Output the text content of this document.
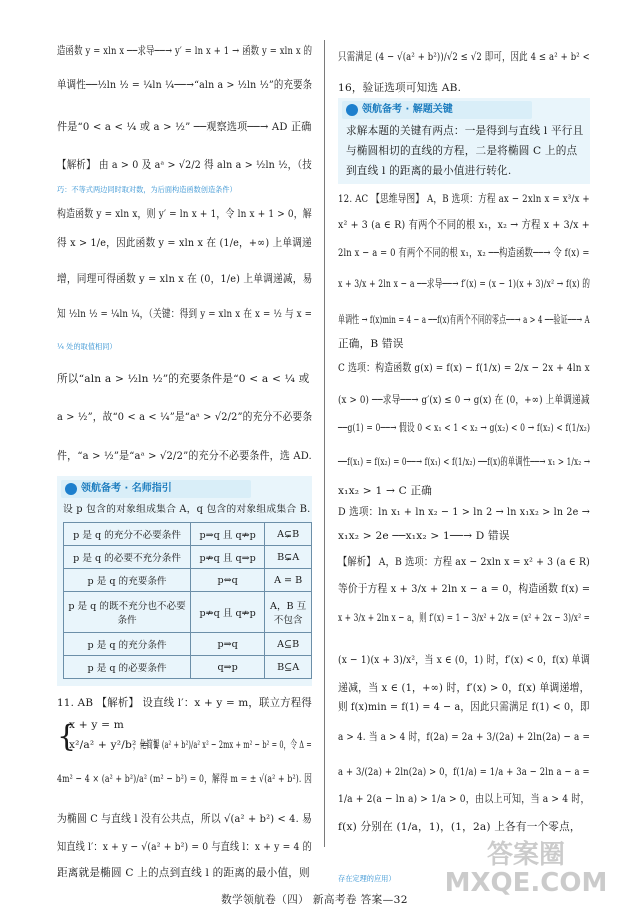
造函数 y = xln x ──求导──→ y′ = ln x + 1 → 函数 y = xln x 的
单调性──½ln ½ = ¼ln ¼──→“aln a > ½ln ½”的充要条
件是“0 < a < ¼ 或 a > ½” ──观察选项──→ AD 正确
【解析】 由 a > 0 及 aᵃ > √2/2 得 aln a > ½ln ½，（技
巧：不等式两边同时取对数，为后面构造函数创造条件）
构造函数 y = xln x，则 y′ = ln x + 1，令 ln x + 1 > 0，解
得 x > 1/e，因此函数 y = xln x 在 (1/e，+∞) 上单调递
增，同理可得函数 y = xln x 在 (0，1/e) 上单调递减，易
知 ½ln ½ = ¼ln ¼，（关键：得到 y = xln x 在 x = ½ 与 x =
¼ 处的取值相同）
所以“aln a > ½ln ½”的充要条件是“0 < a < ¼ 或
a > ½”，故“0 < a < ¼”是“aᵃ > √2/2”的充分不必要条
件，“a > ½”是“aᵃ > √2/2”的充分不必要条件，选 AD.
领航备考 · 名师指引
设 p 包含的对象组成集合 A，q 包含的对象组成集合 B.
p 是 q 的充分不必要条件	p⇒q 且 q⇏p	A⊊B
p 是 q 的必要不充分条件	p⇏q 且 q⇒p	B⊊A
p 是 q 的充要条件	p⇔q	A = B
p 是 q 的既不充分也不必要条件	p⇏q 且 q⇏p	A，B 互不包含
p 是 q 的充分条件	p⇒q	A⊆B
p 是 q 的必要条件	q⇒p	B⊆A
11. AB 【解析】 设直线 l′：x + y = m，联立方程得
{
x + y = m
x²/a² + y²/b² = 1
，化简得 (a² + b²)/a² x² − 2mx + m² − b² = 0，令 Δ =
4m² − 4 × (a² + b²)/a² (m² − b²) = 0，解得 m = ± √(a² + b²). 因
为椭圆 C 与直线 l 没有公共点，所以 √(a² + b²) < 4. 易
知直线 l′：x + y − √(a² + b²) = 0 与直线 l：x + y = 4 的
距离就是椭圆 C 上的点到直线 l 的距离的最小值，则
只需满足 (4 − √(a² + b²))/√2 ≤ √2 即可，因此 4 ≤ a² + b² <
16，验证选项可知选 AB.
领航备考 · 解题关键
求解本题的关键有两点：一是得到与直线 l 平行且
与椭圆相切的直线的方程，二是将椭圆 C 上的点
到直线 l 的距离的最小值进行转化.
12. AC 【思维导图】 A，B 选项：方程 ax − 2xln x = x³/x +
x² + 3 (a ∈ R) 有两个不同的根 x₁，x₂ → 方程 x + 3/x +
2ln x − a = 0 有两个不同的根 x₁，x₂ ──构造函数──→ 令 f(x) =
x + 3/x + 2ln x − a ──求导──→ f′(x) = (x − 1)(x + 3)/x² → f(x) 的
单调性 → f(x)min = 4 − a ──f(x)有两个不同的零点──→ a > 4 ──验证──→ A
正确，B 错误
C 选项：构造函数 g(x) = f(x) − f(1/x) = 2/x − 2x + 4ln x
(x > 0) ──求导──→ g′(x) ≤ 0 → g(x) 在 (0，+∞) 上单调递减
──g(1) = 0──→ 假设 0 < x₁ < 1 < x₂ → g(x₂) < 0 → f(x₂) < f(1/x₂)
──f(x₁) = f(x₂) = 0──→ f(x₁) < f(1/x₂) ──f(x)的单调性──→ x₁ > 1/x₂ →
x₁x₂ > 1 → C 正确
D 选项：ln x₁ + ln x₂ − 1 > ln 2 → ln x₁x₂ > ln 2e →
x₁x₂ > 2e ──x₁x₂ > 1──→ D 错误
【解析】 A，B 选项：方程 ax − 2xln x = x² + 3 (a ∈ R)
等价于方程 x + 3/x + 2ln x − a = 0，构造函数 f(x) =
x + 3/x + 2ln x − a，则 f′(x) = 1 − 3/x² + 2/x = (x² + 2x − 3)/x² =
(x − 1)(x + 3)/x²，当 x ∈ (0，1) 时，f′(x) < 0，f(x) 单调
递减，当 x ∈ (1，+∞) 时，f′(x) > 0，f(x) 单调递增，
则 f(x)min = f(1) = 4 − a，因此只需满足 f(1) < 0，即
a > 4. 当 a > 4 时，f(2a) = 2a + 3/(2a) + 2ln(2a) − a =
a + 3/(2a) + 2ln(2a) > 0，f(1/a) = 1/a + 3a − 2ln a − a =
1/a + 2(a − ln a) > 1/a > 0，由以上可知，当 a > 4 时，
f(x) 分别在 (1/a，1)，(1，2a) 上各有一个零点，
存在定理的应用）
数学领航卷（四） 新高考卷 答案—32
答案圈
MXQE.COM
